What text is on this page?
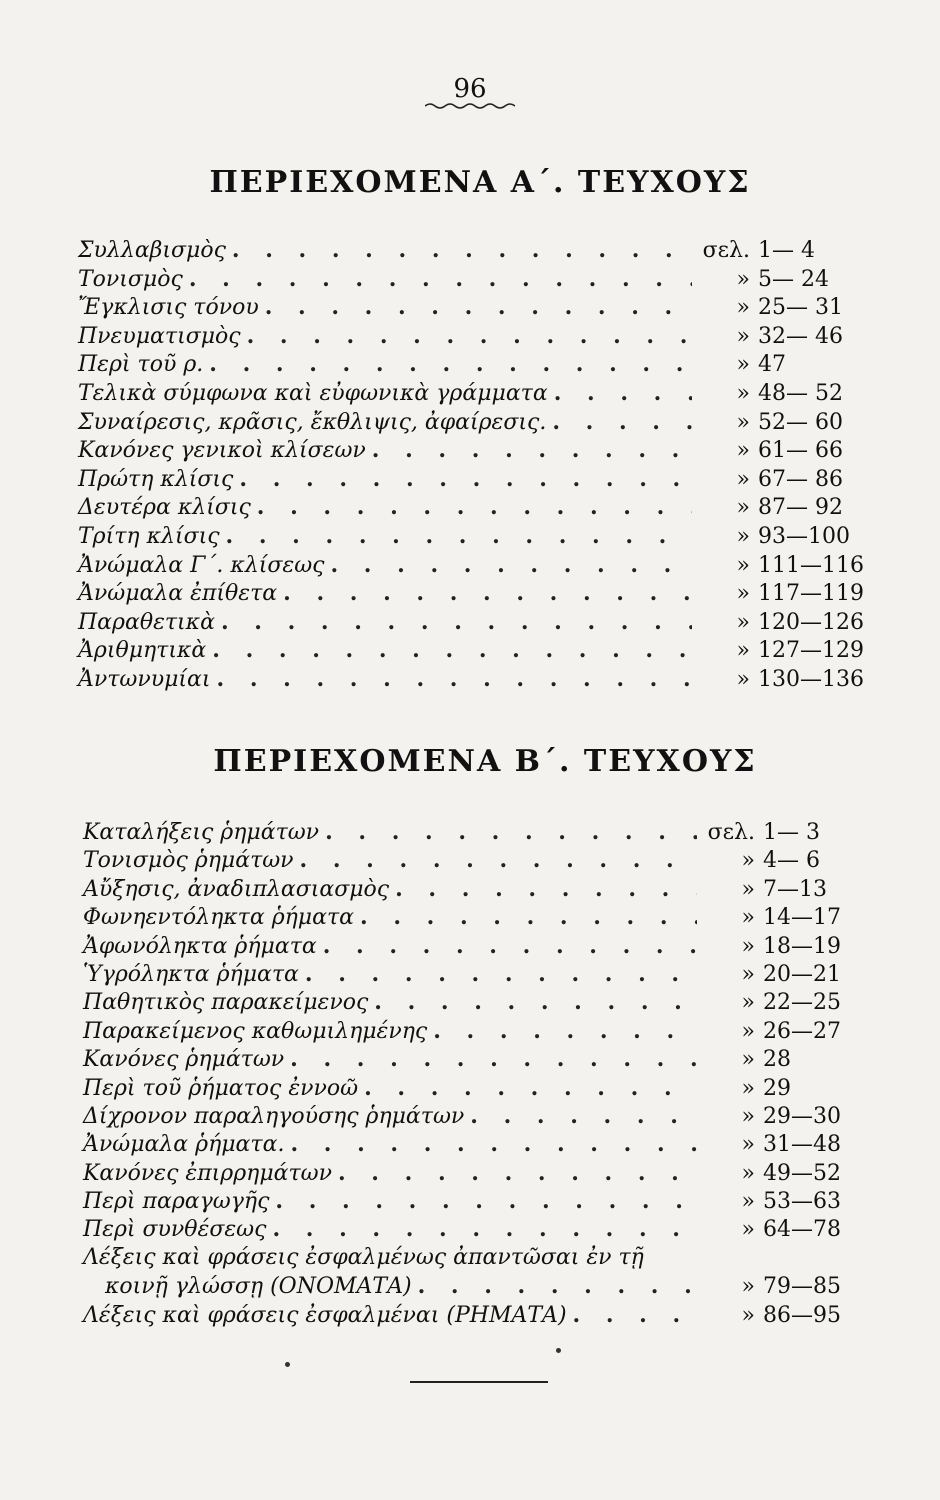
96
ΠΕΡΙΕΧΟΜΕΝΑ Α΄. ΤΕΥΧΟΥΣ
Συλλαβισμὸς . . .	σελ. 1— 4
Τονισμὸς . . .	» 5— 24
Ἔγκλισις τόνου . . .	» 25— 31
Πνευματισμὸς . . .	» 32— 46
Περὶ τοῦ ρ. . . .	» 47
Τελικὰ σύμφωνα καὶ εὐφωνικὰ γράμματα . . .	» 48— 52
Συναίρεσις, κρᾶσις, ἔκθλιψις, ἀφαίρεσις. . . .	» 52— 60
Κανόνες γενικοὶ κλίσεων . . .	» 61— 66
Πρώτη κλίσις . . .	» 67— 86
Δευτέρα κλίσις . . .	» 87— 92
Τρίτη κλίσις . . .	» 93—100
Ἀνώμαλα Γ΄. κλίσεως . . .	» 111—116
Ἀνώμαλα ἐπίθετα . . .	» 117—119
Παραθετικὰ . . .	» 120—126
Ἀριθμητικὰ . . .	» 127—129
Ἀντωνυμίαι . . .	» 130—136
ΠΕΡΙΕΧΟΜΕΝΑ Β΄. ΤΕΥΧΟΥΣ
Καταλήξεις ῥημάτων . . .	σελ. 1— 3
Τονισμὸς ῥημάτων . . .	» 4— 6
Αὔξησις, ἀναδιπλασιασμὸς . . .	» 7—13
Φωνηεντόληκτα ῥήματα . . .	» 14—17
Ἀφωνόληκτα ῥήματα . . .	» 18—19
Ὑγρόληκτα ῥήματα . . .	» 20—21
Παθητικὸς παρακείμενος . . .	» 22—25
Παρακείμενος καθωμιλημένης . . .	» 26—27
Κανόνες ῥημάτων . . .	» 28
Περὶ τοῦ ῥήματος ἐννοῶ . . .	» 29
Δίχρονον παραληγούσης ῥημάτων . . .	» 29—30
Ἀνώμαλα ῥήματα. . . .	» 31—48
Κανόνες ἐπιρρημάτων . . .	» 49—52
Περὶ παραγωγῆς . . .	» 53—63
Περὶ συνθέσεως . . .	» 64—78
Λέξεις καὶ φράσεις ἐσφαλμένως ἀπαντῶσαι ἐν τῇ
κοινῇ γλώσσῃ (ΟΝΟΜΑΤΑ) . . .	» 79—85
Λέξεις καὶ φράσεις ἐσφαλμέναι (ΡΗΜΑΤΑ) . . .	» 86—95
